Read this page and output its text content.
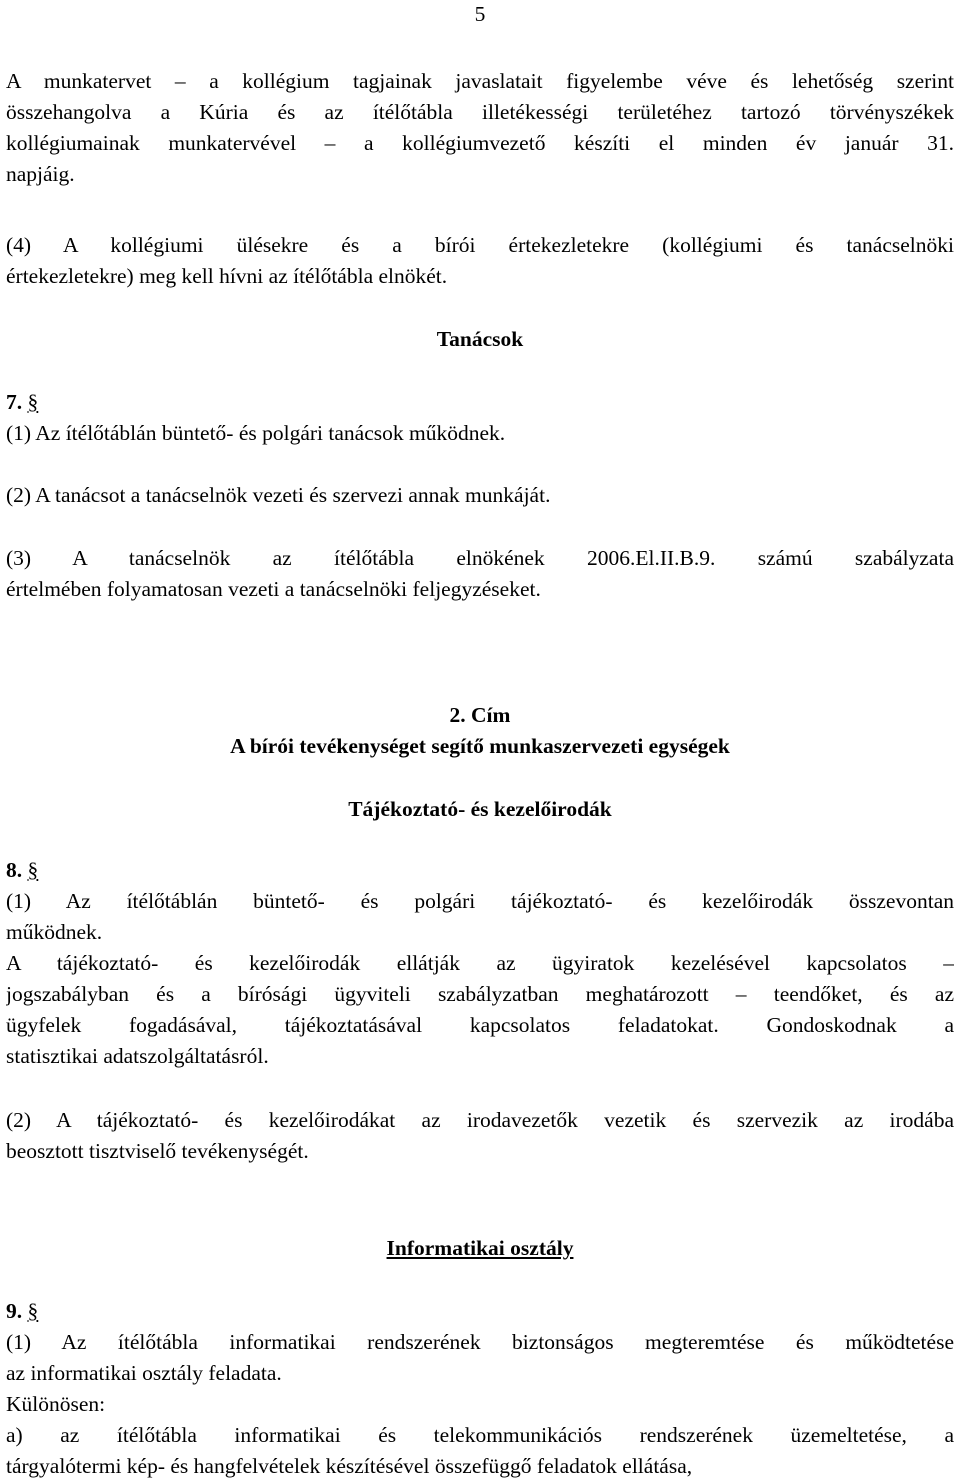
5
A munkatervet – a kollégium tagjainak javaslatait figyelembe véve és lehetőség szerint
összehangolva a Kúria és az ítélőtábla illetékességi területéhez tartozó törvényszékek
kollégiumainak munkatervével – a kollégiumvezető készíti el minden év január 31.
napjáig.
(4) A kollégiumi ülésekre és a bírói értekezletekre (kollégiumi és tanácselnöki
értekezletekre) meg kell hívni az ítélőtábla elnökét.
Tanácsok
7. §
(1) Az ítélőtáblán büntető- és polgári tanácsok működnek.
(2) A tanácsot a tanácselnök vezeti és szervezi annak munkáját.
(3) A tanácselnök az ítélőtábla elnökének 2006.El.II.B.9. számú szabályzata
értelmében folyamatosan vezeti a tanácselnöki feljegyzéseket.
2. Cím
A bírói tevékenységet segítő munkaszervezeti egységek
Tájékoztató- és kezelőirodák
8. §
(1) Az ítélőtáblán büntető- és polgári tájékoztató- és kezelőirodák összevontan
működnek.
A tájékoztató- és kezelőirodák ellátják az ügyiratok kezelésével kapcsolatos –
jogszabályban és a bírósági ügyviteli szabályzatban meghatározott – teendőket, és az
ügyfelek fogadásával, tájékoztatásával kapcsolatos feladatokat. Gondoskodnak a
statisztikai adatszolgáltatásról.
(2) A tájékoztató- és kezelőirodákat az irodavezetők vezetik és szervezik az irodába
beosztott tisztviselő tevékenységét.
Informatikai osztály
9. §
(1) Az ítélőtábla informatikai rendszerének biztonságos megteremtése és működtetése
az informatikai osztály feladata.
Különösen:
a) az ítélőtábla informatikai és telekommunikációs rendszerének üzemeltetése, a
tárgyalótermi kép- és hangfelvételek készítésével összefüggő feladatok ellátása,
